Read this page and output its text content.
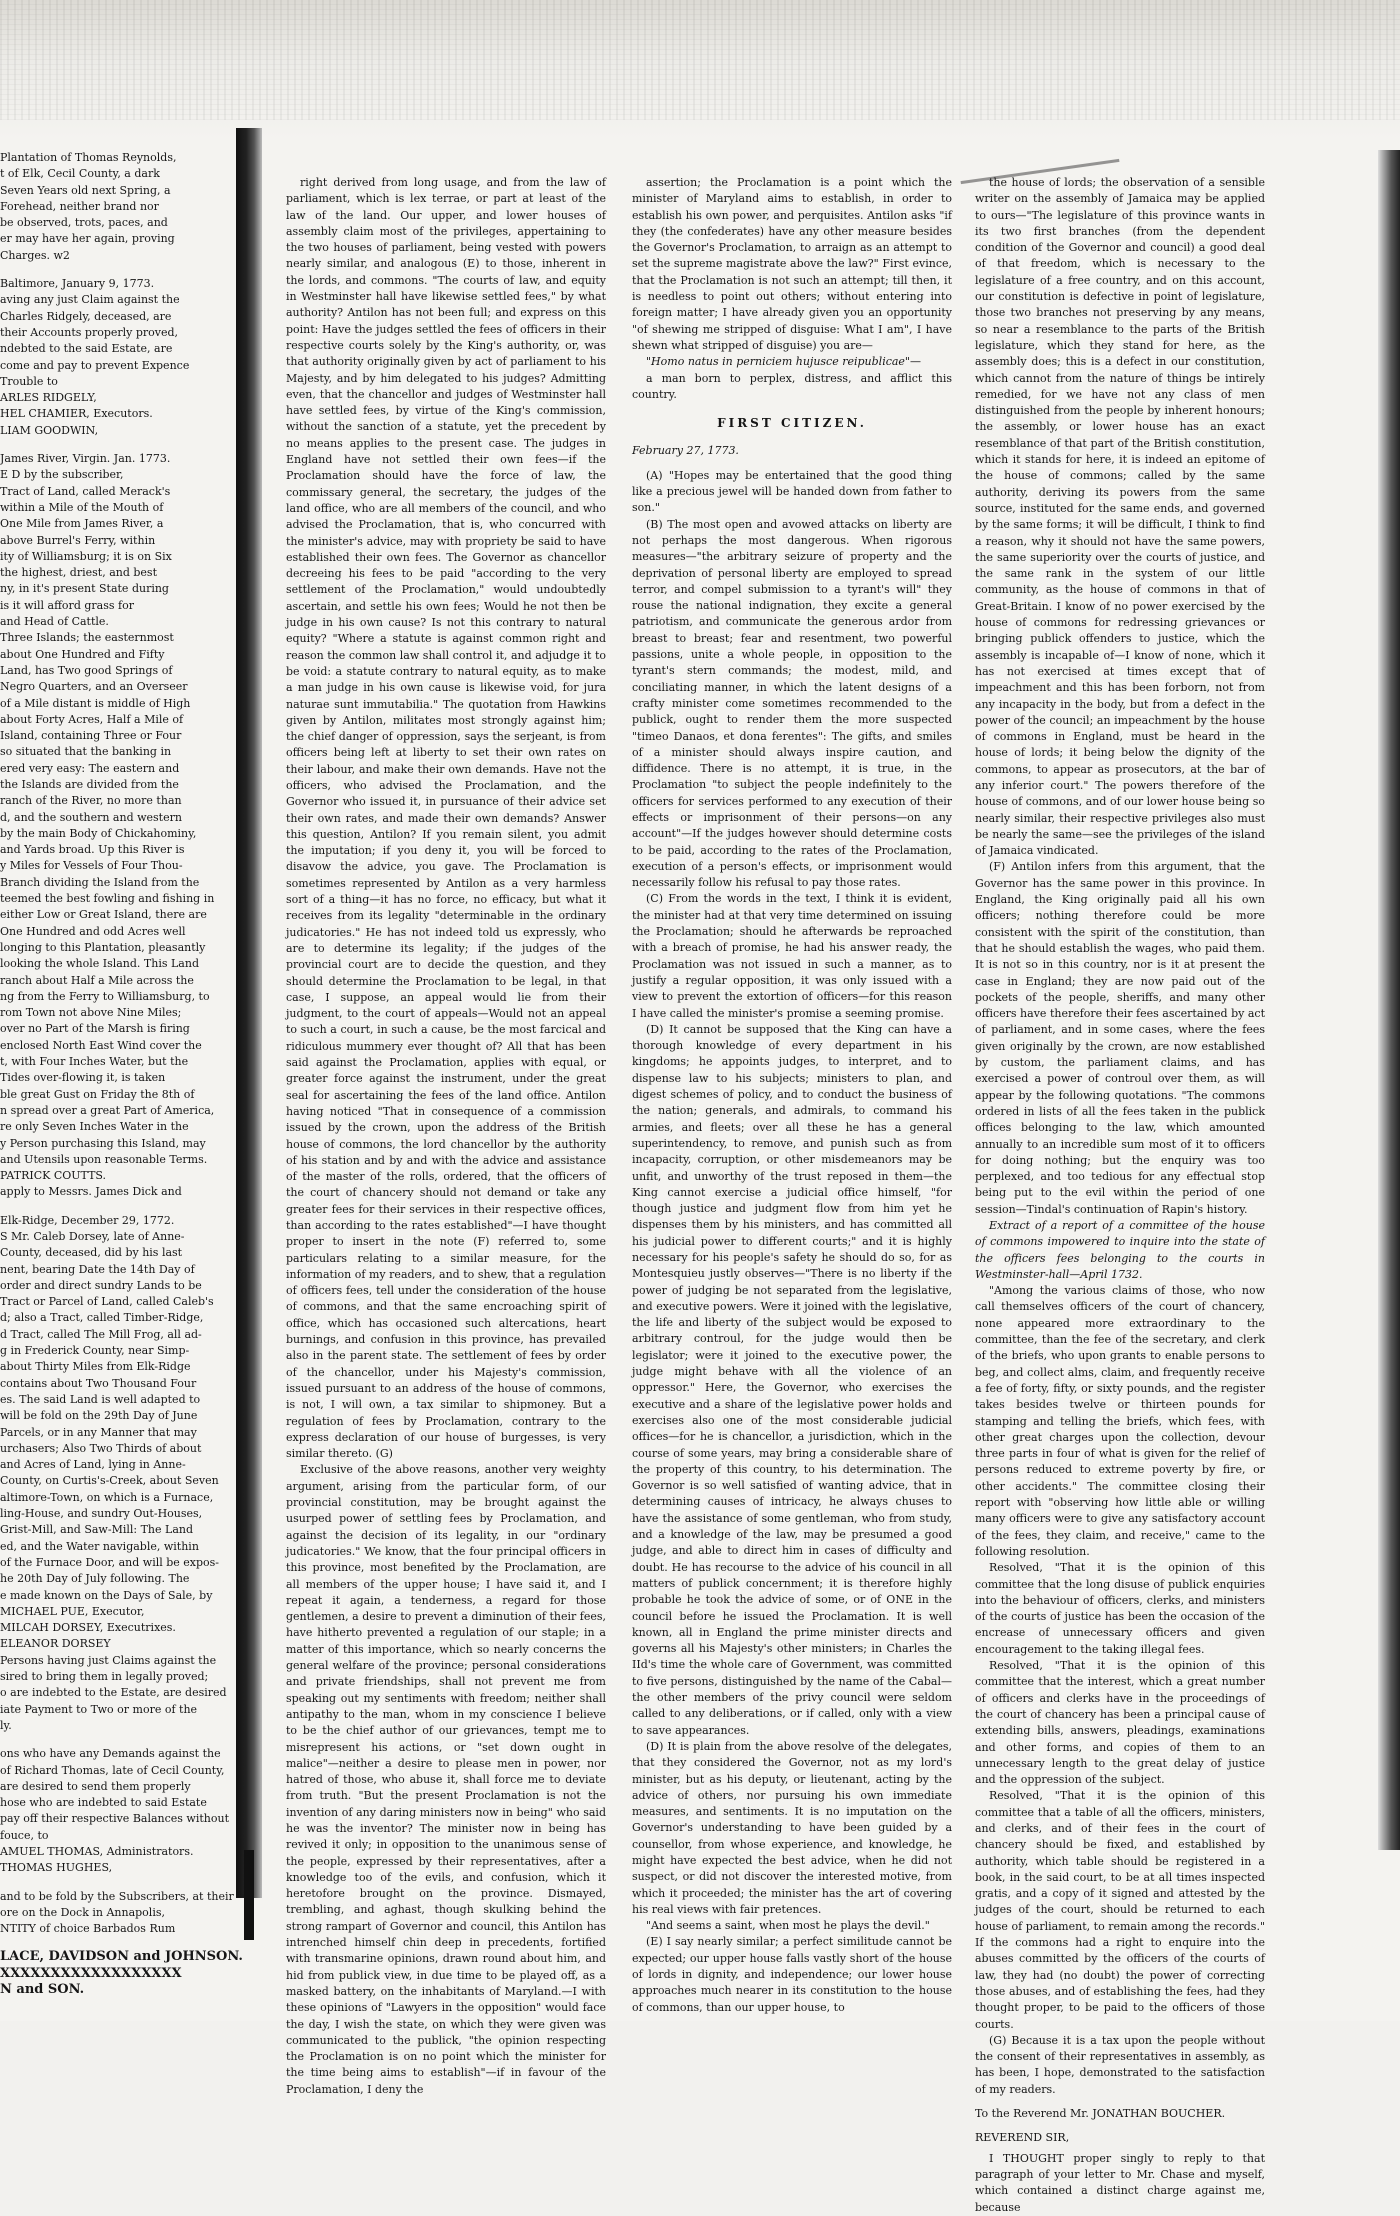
Plantation of Thomas Reynolds,
t of Elk, Cecil County, a dark
Seven Years old next Spring, a
Forehead, neither brand nor
be observed, trots, paces, and
er may have her again, proving
Charges. w2
Baltimore, January 9, 1773.
aving any just Claim against the
Charles Ridgely, deceased, are
their Accounts properly proved,
ndebted to the said Estate, are
come and pay to prevent Expence
Trouble to
ARLES RIDGELY,
HEL CHAMIER, Executors.
LIAM GOODWIN,
James River, Virgin. Jan. 1773.
E D by the subscriber,
Tract of Land, called Merack's
within a Mile of the Mouth of
One Mile from James River, a
above Burrel's Ferry, within
ity of Williamsburg; it is on Six
the highest, driest, and best
ny, in it's present State during
is it will afford grass for
and Head of Cattle.
Three Islands; the easternmost
about One Hundred and Fifty
Land, has Two good Springs of
Negro Quarters, and an Overseer
of a Mile distant is middle of High
about Forty Acres, Half a Mile of
Island, containing Three or Four
so situated that the banking in
ered very easy: The eastern and
the Islands are divided from the
ranch of the River, no more than
d, and the southern and western
by the main Body of Chickahominy,
and Yards broad. Up this River is
y Miles for Vessels of Four Thou-
Branch dividing the Island from the
teemed the best fowling and fishing in
either Low or Great Island, there are
One Hundred and odd Acres well
longing to this Plantation, pleasantly
looking the whole Island. This Land
ranch about Half a Mile across the
ng from the Ferry to Williamsburg, to
rom Town not above Nine Miles;
over no Part of the Marsh is firing
enclosed North East Wind cover the
t, with Four Inches Water, but the
Tides over-flowing it, is taken
ble great Gust on Friday the 8th of
n spread over a great Part of America,
re only Seven Inches Water in the
y Person purchasing this Island, may
and Utensils upon reasonable Terms.
PATRICK COUTTS.
apply to Messrs. James Dick and
Elk-Ridge, December 29, 1772.
S Mr. Caleb Dorsey, late of Anne-
County, deceased, did by his last
nent, bearing Date the 14th Day of
order and direct sundry Lands to be
Tract or Parcel of Land, called Caleb's
d; also a Tract, called Timber-Ridge,
d Tract, called The Mill Frog, all ad-
g in Frederick County, near Simp-
about Thirty Miles from Elk-Ridge
contains about Two Thousand Four
es. The said Land is well adapted to
will be fold on the 29th Day of June
Parcels, or in any Manner that may
urchasers; Also Two Thirds of about
and Acres of Land, lying in Anne-
County, on Curtis's-Creek, about Seven
altimore-Town, on which is a Furnace,
ling-House, and sundry Out-Houses,
Grist-Mill, and Saw-Mill: The Land
ed, and the Water navigable, within
of the Furnace Door, and will be expos-
he 20th Day of July following. The
e made known on the Days of Sale, by
MICHAEL PUE, Executor,
MILCAH DORSEY, Executrixes.
ELEANOR DORSEY
Persons having just Claims against the
sired to bring them in legally proved;
o are indebted to the Estate, are desired
iate Payment to Two or more of the
ly.
ons who have any Demands against the
of Richard Thomas, late of Cecil County,
are desired to send them properly
hose who are indebted to said Estate
pay off their respective Balances without
fouce, to
AMUEL THOMAS, Administrators.
THOMAS HUGHES,
and to be fold by the Subscribers, at their
ore on the Dock in Annapolis,
NTITY of choice Barbados Rum
LACE, DAVIDSON and JOHNSON.
XXXXXXXXXXXXXXXXXX
N and SON.

right derived from long usage, and from the law of parliament, which is lex terrae, or part at least of the law of the land. Our upper, and lower houses of assembly claim most of the privileges, appertaining to the two houses of parliament, being vested with powers nearly similar, and analogous (E) to those, inherent in the lords, and commons. "The courts of law, and equity in Westminster hall have likewise settled fees," by what authority? Antilon has not been full; and express on this point: Have the judges settled the fees of officers in their respective courts solely by the King's authority, or, was that authority originally given by act of parliament to his Majesty, and by him delegated to his judges? Admitting even, that the chancellor and judges of Westminster hall have settled fees, by virtue of the King's commission, without the sanction of a statute, yet the precedent by no means applies to the present case. The judges in England have not settled their own fees—if the Proclamation should have the force of law, the commissary general, the secretary, the judges of the land office, who are all members of the council, and who advised the Proclamation, that is, who concurred with the minister's advice, may with propriety be said to have established their own fees. The Governor as chancellor decreeing his fees to be paid "according to the very settlement of the Proclamation," would undoubtedly ascertain, and settle his own fees; Would he not then be judge in his own cause? Is not this contrary to natural equity? "Where a statute is against common right and reason the common law shall control it, and adjudge it to be void: a statute contrary to natural equity, as to make a man judge in his own cause is likewise void, for jura naturae sunt immutabilia." The quotation from Hawkins given by Antilon, militates most strongly against him; the chief danger of oppression, says the serjeant, is from officers being left at liberty to set their own rates on their labour, and make their own demands. Have not the officers, who advised the Proclamation, and the Governor who issued it, in pursuance of their advice set their own rates, and made their own demands? Answer this question, Antilon? If you remain silent, you admit the imputation; if you deny it, you will be forced to disavow the advice, you gave. The Proclamation is sometimes represented by Antilon as a very harmless sort of a thing—it has no force, no efficacy, but what it receives from its legality "determinable in the ordinary judicatories." He has not indeed told us expressly, who are to determine its legality; if the judges of the provincial court are to decide the question, and they should determine the Proclamation to be legal, in that case, I suppose, an appeal would lie from their judgment, to the court of appeals—Would not an appeal to such a court, in such a cause, be the most farcical and ridiculous mummery ever thought of? All that has been said against the Proclamation, applies with equal, or greater force against the instrument, under the great seal for ascertaining the fees of the land office. Antilon having noticed "That in consequence of a commission issued by the crown, upon the address of the British house of commons, the lord chancellor by the authority of his station and by and with the advice and assistance of the master of the rolls, ordered, that the officers of the court of chancery should not demand or take any greater fees for their services in their respective offices, than according to the rates established"—I have thought proper to insert in the note (F) referred to, some particulars relating to a similar measure, for the information of my readers, and to shew, that a regulation of officers fees, tell under the consideration of the house of commons, and that the same encroaching spirit of office, which has occasioned such altercations, heart burnings, and confusion in this province, has prevailed also in the parent state. The settlement of fees by order of the chancellor, under his Majesty's commission, issued pursuant to an address of the house of commons, is not, I will own, a tax similar to shipmoney. But a regulation of fees by Proclamation, contrary to the express declaration of our house of burgesses, is very similar thereto. (G)

Exclusive of the above reasons, another very weighty argument, arising from the particular form, of our provincial constitution, may be brought against the usurped power of settling fees by Proclamation, and against the decision of its legality, in our "ordinary judicatories." We know, that the four principal officers in this province, most benefited by the Proclamation, are all members of the upper house; I have said it, and I repeat it again, a tenderness, a regard for those gentlemen, a desire to prevent a diminution of their fees, have hitherto prevented a regulation of our staple; in a matter of this importance, which so nearly concerns the general welfare of the province; personal considerations and private friendships, shall not prevent me from speaking out my sentiments with freedom; neither shall antipathy to the man, whom in my conscience I believe to be the chief author of our grievances, tempt me to misrepresent his actions, or "set down ought in malice"—neither a desire to please men in power, nor hatred of those, who abuse it, shall force me to deviate from truth. "But the present Proclamation is not the invention of any daring ministers now in being" who said he was the inventor? The minister now in being has revived it only; in opposition to the unanimous sense of the people, expressed by their representatives, after a knowledge too of the evils, and confusion, which it heretofore brought on the province. Dismayed, trembling, and aghast, though skulking behind the strong rampart of Governor and council, this Antilon has intrenched himself chin deep in precedents, fortified with transmarine opinions, drawn round about him, and hid from publick view, in due time to be played off, as a masked battery, on the inhabitants of Maryland.—I with these opinions of "Lawyers in the opposition" would face the day, I wish the state, on which they were given was communicated to the publick, "the opinion respecting the Proclamation is on no point which the minister for the time being aims to establish"—if in favour of the Proclamation, I deny the

assertion; the Proclamation is a point which the minister of Maryland aims to establish, in order to establish his own power, and perquisites. Antilon asks "if they (the confederates) have any other measure besides the Governor's Proclamation, to arraign as an attempt to set the supreme magistrate above the law?" First evince, that the Proclamation is not such an attempt; till then, it is needless to point out others; without entering into foreign matter; I have already given you an opportunity "of shewing me stripped of disguise: What I am", I have shewn what stripped of disguise) you are—

"Homo natus in perniciem hujusce reipublicae"—

a man born to perplex, distress, and afflict this country.

FIRST CITIZEN.

February 27, 1773.

(A) "Hopes may be entertained that the good thing like a precious jewel will be handed down from father to son."

(B) The most open and avowed attacks on liberty are not perhaps the most dangerous. When rigorous measures—"the arbitrary seizure of property and the deprivation of personal liberty are employed to spread terror, and compel submission to a tyrant's will" they rouse the national indignation, they excite a general patriotism, and communicate the generous ardor from breast to breast; fear and resentment, two powerful passions, unite a whole people, in opposition to the tyrant's stern commands; the modest, mild, and conciliating manner, in which the latent designs of a crafty minister come sometimes recommended to the publick, ought to render them the more suspected "timeo Danaos, et dona ferentes": The gifts, and smiles of a minister should always inspire caution, and diffidence. There is no attempt, it is true, in the Proclamation "to subject the people indefinitely to the officers for services performed to any execution of their effects or imprisonment of their persons—on any account"—If the judges however should determine costs to be paid, according to the rates of the Proclamation, execution of a person's effects, or imprisonment would necessarily follow his refusal to pay those rates.

(C) From the words in the text, I think it is evident, the minister had at that very time determined on issuing the Proclamation; should he afterwards be reproached with a breach of promise, he had his answer ready, the Proclamation was not issued in such a manner, as to justify a regular opposition, it was only issued with a view to prevent the extortion of officers—for this reason I have called the minister's promise a seeming promise.

(D) It cannot be supposed that the King can have a thorough knowledge of every department in his kingdoms; he appoints judges, to interpret, and to dispense law to his subjects; ministers to plan, and digest schemes of policy, and to conduct the business of the nation; generals, and admirals, to command his armies, and fleets; over all these he has a general superintendency, to remove, and punish such as from incapacity, corruption, or other misdemeanors may be unfit, and unworthy of the trust reposed in them—the King cannot exercise a judicial office himself, "for though justice and judgment flow from him yet he dispenses them by his ministers, and has committed all his judicial power to different courts;" and it is highly necessary for his people's safety he should do so, for as Montesquieu justly observes—"There is no liberty if the power of judging be not separated from the legislative, and executive powers. Were it joined with the legislative, the life and liberty of the subject would be exposed to arbitrary controul, for the judge would then be legislator; were it joined to the executive power, the judge might behave with all the violence of an oppressor." Here, the Governor, who exercises the executive and a share of the legislative power holds and exercises also one of the most considerable judicial offices—for he is chancellor, a jurisdiction, which in the course of some years, may bring a considerable share of the property of this country, to his determination. The Governor is so well satisfied of wanting advice, that in determining causes of intricacy, he always chuses to have the assistance of some gentleman, who from study, and a knowledge of the law, may be presumed a good judge, and able to direct him in cases of difficulty and doubt. He has recourse to the advice of his council in all matters of publick concernment; it is therefore highly probable he took the advice of some, or of ONE in the council before he issued the Proclamation. It is well known, all in England the prime minister directs and governs all his Majesty's other ministers; in Charles the IId's time the whole care of Government, was committed to five persons, distinguished by the name of the Cabal—the other members of the privy council were seldom called to any deliberations, or if called, only with a view to save appearances.

(D) It is plain from the above resolve of the delegates, that they considered the Governor, not as my lord's minister, but as his deputy, or lieutenant, acting by the advice of others, nor pursuing his own immediate measures, and sentiments. It is no imputation on the Governor's understanding to have been guided by a counsellor, from whose experience, and knowledge, he might have expected the best advice, when he did not suspect, or did not discover the interested motive, from which it proceeded; the minister has the art of covering his real views with fair pretences.

"And seems a saint, when most he plays the devil."

(E) I say nearly similar; a perfect similitude cannot be expected; our upper house falls vastly short of the house of lords in dignity, and independence; our lower house approaches much nearer in its constitution to the house of commons, than our upper house, to

the house of lords; the observation of a sensible writer on the assembly of Jamaica may be applied to ours—"The legislature of this province wants in its two first branches (from the dependent condition of the Governor and council) a good deal of that freedom, which is necessary to the legislature of a free country, and on this account, our constitution is defective in point of legislature, those two branches not preserving by any means, so near a resemblance to the parts of the British legislature, which they stand for here, as the assembly does; this is a defect in our constitution, which cannot from the nature of things be intirely remedied, for we have not any class of men distinguished from the people by inherent honours; the assembly, or lower house has an exact resemblance of that part of the British constitution, which it stands for here, it is indeed an epitome of the house of commons; called by the same authority, deriving its powers from the same source, instituted for the same ends, and governed by the same forms; it will be difficult, I think to find a reason, why it should not have the same powers, the same superiority over the courts of justice, and the same rank in the system of our little community, as the house of commons in that of Great-Britain. I know of no power exercised by the house of commons for redressing grievances or bringing publick offenders to justice, which the assembly is incapable of—I know of none, which it has not exercised at times except that of impeachment and this has been forborn, not from any incapacity in the body, but from a defect in the power of the council; an impeachment by the house of commons in England, must be heard in the house of lords; it being below the dignity of the commons, to appear as prosecutors, at the bar of any inferior court." The powers therefore of the house of commons, and of our lower house being so nearly similar, their respective privileges also must be nearly the same—see the privileges of the island of Jamaica vindicated.

(F) Antilon infers from this argument, that the Governor has the same power in this province. In England, the King originally paid all his own officers; nothing therefore could be more consistent with the spirit of the constitution, than that he should establish the wages, who paid them. It is not so in this country, nor is it at present the case in England; they are now paid out of the pockets of the people, sheriffs, and many other officers have therefore their fees ascertained by act of parliament, and in some cases, where the fees given originally by the crown, are now established by custom, the parliament claims, and has exercised a power of controul over them, as will appear by the following quotations. "The commons ordered in lists of all the fees taken in the publick offices belonging to the law, which amounted annually to an incredible sum most of it to officers for doing nothing; but the enquiry was too perplexed, and too tedious for any effectual stop being put to the evil within the period of one session—Tindal's continuation of Rapin's history.

Extract of a report of a committee of the house of commons impowered to inquire into the state of the officers fees belonging to the courts in Westminster-hall—April 1732.

"Among the various claims of those, who now call themselves officers of the court of chancery, none appeared more extraordinary to the committee, than the fee of the secretary, and clerk of the briefs, who upon grants to enable persons to beg, and collect alms, claim, and frequently receive a fee of forty, fifty, or sixty pounds, and the register takes besides twelve or thirteen pounds for stamping and telling the briefs, which fees, with other great charges upon the collection, devour three parts in four of what is given for the relief of persons reduced to extreme poverty by fire, or other accidents." The committee closing their report with "observing how little able or willing many officers were to give any satisfactory account of the fees, they claim, and receive," came to the following resolution.

Resolved, "That it is the opinion of this committee that the long disuse of publick enquiries into the behaviour of officers, clerks, and ministers of the courts of justice has been the occasion of the encrease of unnecessary officers and given encouragement to the taking illegal fees.

Resolved, "That it is the opinion of this committee that the interest, which a great number of officers and clerks have in the proceedings of the court of chancery has been a principal cause of extending bills, answers, pleadings, examinations and other forms, and copies of them to an unnecessary length to the great delay of justice and the oppression of the subject.

Resolved, "That it is the opinion of this committee that a table of all the officers, ministers, and clerks, and of their fees in the court of chancery should be fixed, and established by authority, which table should be registered in a book, in the said court, to be at all times inspected gratis, and a copy of it signed and attested by the judges of the court, should be returned to each house of parliament, to remain among the records." If the commons had a right to enquire into the abuses committed by the officers of the courts of law, they had (no doubt) the power of correcting those abuses, and of establishing the fees, had they thought proper, to be paid to the officers of those courts.

(G) Because it is a tax upon the people without the consent of their representatives in assembly, as has been, I hope, demonstrated to the satisfaction of my readers.

To the Reverend Mr. JONATHAN BOUCHER.

REVEREND SIR,

I THOUGHT proper singly to reply to that paragraph of your letter to Mr. Chase and myself, which contained a distinct charge against me, because
